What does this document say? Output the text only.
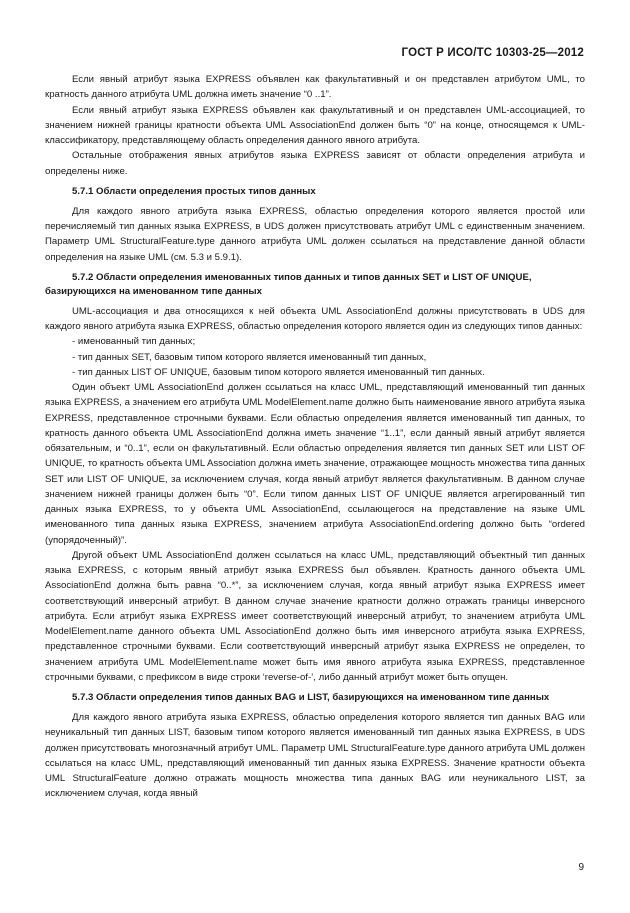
ГОСТ Р ИСО/ТС 10303-25—2012

Если явный атрибут языка EXPRESS объявлен как факультативный и он представлен атрибутом UML, то кратность данного атрибута UML должна иметь значение “0 ..1”.

Если явный атрибут языка EXPRESS объявлен как факультативный и он представлен UML-ассоциацией, то значением нижней границы кратности объекта UML AssociationEnd должен быть “0” на конце, относящемся к UML-классификатору, представляющему область определения данного явного атрибута.

Остальные отображения явных атрибутов языка EXPRESS зависят от области определения атрибута и определены ниже.

5.7.1 Области определения простых типов данных

Для каждого явного атрибута языка EXPRESS, областью определения которого является простой или перечисляемый тип данных языка EXPRESS, в UDS должен присутствовать атрибут UML с единственным значением. Параметр UML StructuralFeature.type данного атрибута UML должен ссылаться на представление данной области определения на языке UML (см. 5.3 и 5.9.1).

5.7.2 Области определения именованных типов данных и типов данных SET и LIST OF UNIQUE, базирующихся на именованном типе данных

UML-ассоциация и два относящихся к ней объекта UML AssociationEnd должны присутствовать в UDS для каждого явного атрибута языка EXPRESS, областью определения которого является один из следующих типов данных:

- именованный тип данных;

- тип данных SET, базовым типом которого является именованный тип данных,

- тип данных LIST OF UNIQUE, базовым типом которого является именованный тип данных.

Один объект UML AssociationEnd должен ссылаться на класс UML, представляющий именованный тип данных языка EXPRESS, а значением его атрибута UML ModelElement.name должно быть наименование явного атрибута языка EXPRESS, представленное строчными буквами. Если областью определения является именованный тип данных, то кратность данного объекта UML AssociationEnd должна иметь значение “1..1”, если данный явный атрибут является обязательным, и “0..1”, если он факультативный. Если областью определения является тип данных SET или LIST OF UNIQUE, то кратность объекта UML Association должна иметь значение, отражающее мощность множества типа данных SET или LIST OF UNIQUE, за исключением случая, когда явный атрибут является факультативным. В данном случае значением нижней границы должен быть “0”. Если типом данных LIST OF UNIQUE является агрегированный тип данных языка EXPRESS, то у объекта UML AssociationEnd, ссылающегося на представление на языке UML именованного типа данных языка EXPRESS, значением атрибута AssociationEnd.ordering должно быть “ordered (упорядоченный)”.

Другой объект UML AssociationEnd должен ссылаться на класс UML, представляющий объектный тип данных языка EXPRESS, с которым явный атрибут языка EXPRESS был объявлен. Кратность данного объекта UML AssociationEnd должна быть равна “0..*”, за исключением случая, когда явный атрибут языка EXPRESS имеет соответствующий инверсный атрибут. В данном случае значение кратности должно отражать границы инверсного атрибута. Если атрибут языка EXPRESS имеет соответствующий инверсный атрибут, то значением атрибута UML ModelElement.name данного объекта UML AssociationEnd должно быть имя инверсного атрибута языка EXPRESS, представленное строчными буквами. Если соответствующий инверсный атрибут языка EXPRESS не определен, то значением атрибута UML ModelElement.name может быть имя явного атрибута языка EXPRESS, представленное строчными буквами, с префиксом в виде строки ‘reverse-of-’, либо данный атрибут может быть опущен.

5.7.3 Области определения типов данных BAG и LIST, базирующихся на именованном типе данных

Для каждого явного атрибута языка EXPRESS, областью определения которого является тип данных BAG или неуникальный тип данных LIST, базовым типом которого является именованный тип данных языка EXPRESS, в UDS должен присутствовать многозначный атрибут UML. Параметр UML StructuralFeature.type данного атрибута UML должен ссылаться на класс UML, представляющий именованный тип данных языка EXPRESS. Значение кратности объекта UML StructuralFeature должно отражать мощность множества типа данных BAG или неуникального LIST, за исключением случая, когда явный

9
